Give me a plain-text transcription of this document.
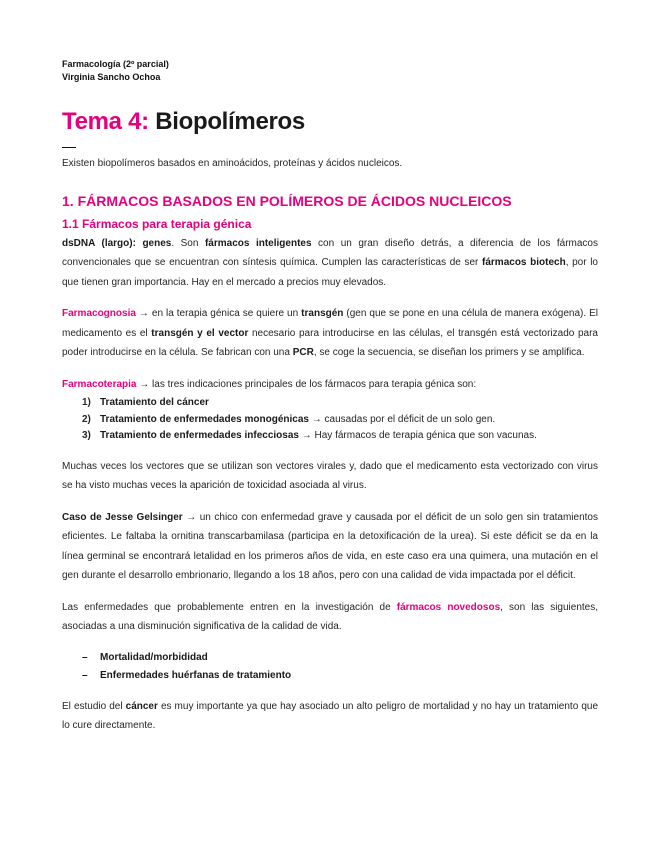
Farmacología (2º parcial)
Virginia Sancho Ochoa
Tema 4: Biopolímeros

Existen biopolímeros basados en aminoácidos, proteínas y ácidos nucleicos.

1. FÁRMACOS BASADOS EN POLÍMEROS DE ÁCIDOS NUCLEICOS
1.1 Fármacos para terapia génica

dsDNA (largo): genes. Son fármacos inteligentes con un gran diseño detrás, a diferencia de los fármacos convencionales que se encuentran con síntesis química. Cumplen las características de ser fármacos biotech, por lo que tienen gran importancia. Hay en el mercado a precios muy elevados.

Farmacognosia → en la terapia génica se quiere un transgén (gen que se pone en una célula de manera exógena). El medicamento es el transgén y el vector necesario para introducirse en las células, el transgén está vectorizado para poder introducirse en la célula. Se fabrican con una PCR, se coge la secuencia, se diseñan los primers y se amplifica.

Farmacoterapia → las tres indicaciones principales de los fármacos para terapia génica son:

1) Tratamiento del cáncer
2) Tratamiento de enfermedades monogénicas → causadas por el déficit de un solo gen.
3) Tratamiento de enfermedades infecciosas → Hay fármacos de terapia génica que son vacunas.

Muchas veces los vectores que se utilizan son vectores virales y, dado que el medicamento esta vectorizado con virus se ha visto muchas veces la aparición de toxicidad asociada al virus.

Caso de Jesse Gelsinger → un chico con enfermedad grave y causada por el déficit de un solo gen sin tratamientos eficientes. Le faltaba la ornitina transcarbamilasa (participa en la detoxificación de la urea). Si este déficit se da en la línea germinal se encontrará letalidad en los primeros años de vida, en este caso era una quimera, una mutación en el gen durante el desarrollo embrionario, llegando a los 18 años, pero con una calidad de vida impactada por el déficit.

Las enfermedades que probablemente entren en la investigación de fármacos novedosos, son las siguientes, asociadas a una disminución significativa de la calidad de vida.

–	Mortalidad/morbididad
–	Enfermedades huérfanas de tratamiento

El estudio del cáncer es muy importante ya que hay asociado un alto peligro de mortalidad y no hay un tratamiento que lo cure directamente.
